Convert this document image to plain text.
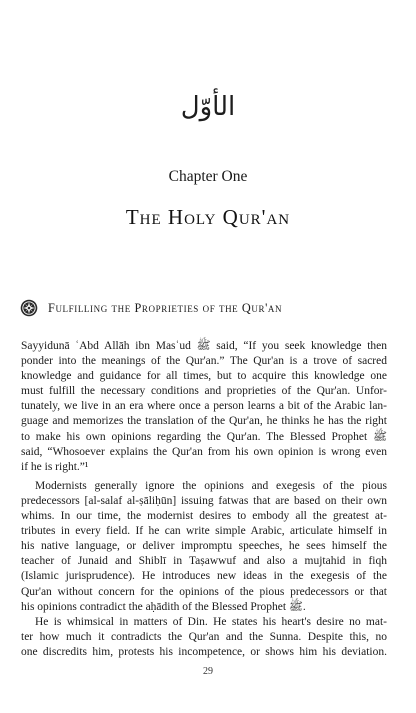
الأوّل
Chapter One
The Holy Qur'an
Fulfilling the Proprieties of the Qur'an
Sayyidunā ʿAbd Allāh ibn Masʿud ﷺ said, “If you seek knowledge then
ponder into the meanings of the Qur'an.” The Qur'an is a trove of sacred
knowledge and guidance for all times, but to acquire this knowledge one
must fulfill the necessary conditions and proprieties of the Qur'an. Unfor-
tunately, we live in an era where once a person learns a bit of the Arabic lan-
guage and memorizes the translation of the Qur'an, he thinks he has the right
to make his own opinions regarding the Qur'an. The Blessed Prophet ﷺ
said, “Whosoever explains the Qur'an from his own opinion is wrong even
if he is right.”¹
Modernists generally ignore the opinions and exegesis of the pious
predecessors [al-salaf al-ṣāliḥūn] issuing fatwas that are based on their own
whims. In our time, the modernist desires to embody all the greatest at-
tributes in every field. If he can write simple Arabic, articulate himself in
his native language, or deliver impromptu speeches, he sees himself the
teacher of Junaid and Shiblī in Taṣawwuf and also a mujtahid in fiqh
(Islamic jurisprudence). He introduces new ideas in the exegesis of the
Qur'an without concern for the opinions of the pious predecessors or that
his opinions contradict the aḥādith of the Blessed Prophet ﷺ.
He is whimsical in matters of Din. He states his heart's desire no mat-
ter how much it contradicts the Qur'an and the Sunna. Despite this, no
one discredits him, protests his incompetence, or shows him his deviation.
29
